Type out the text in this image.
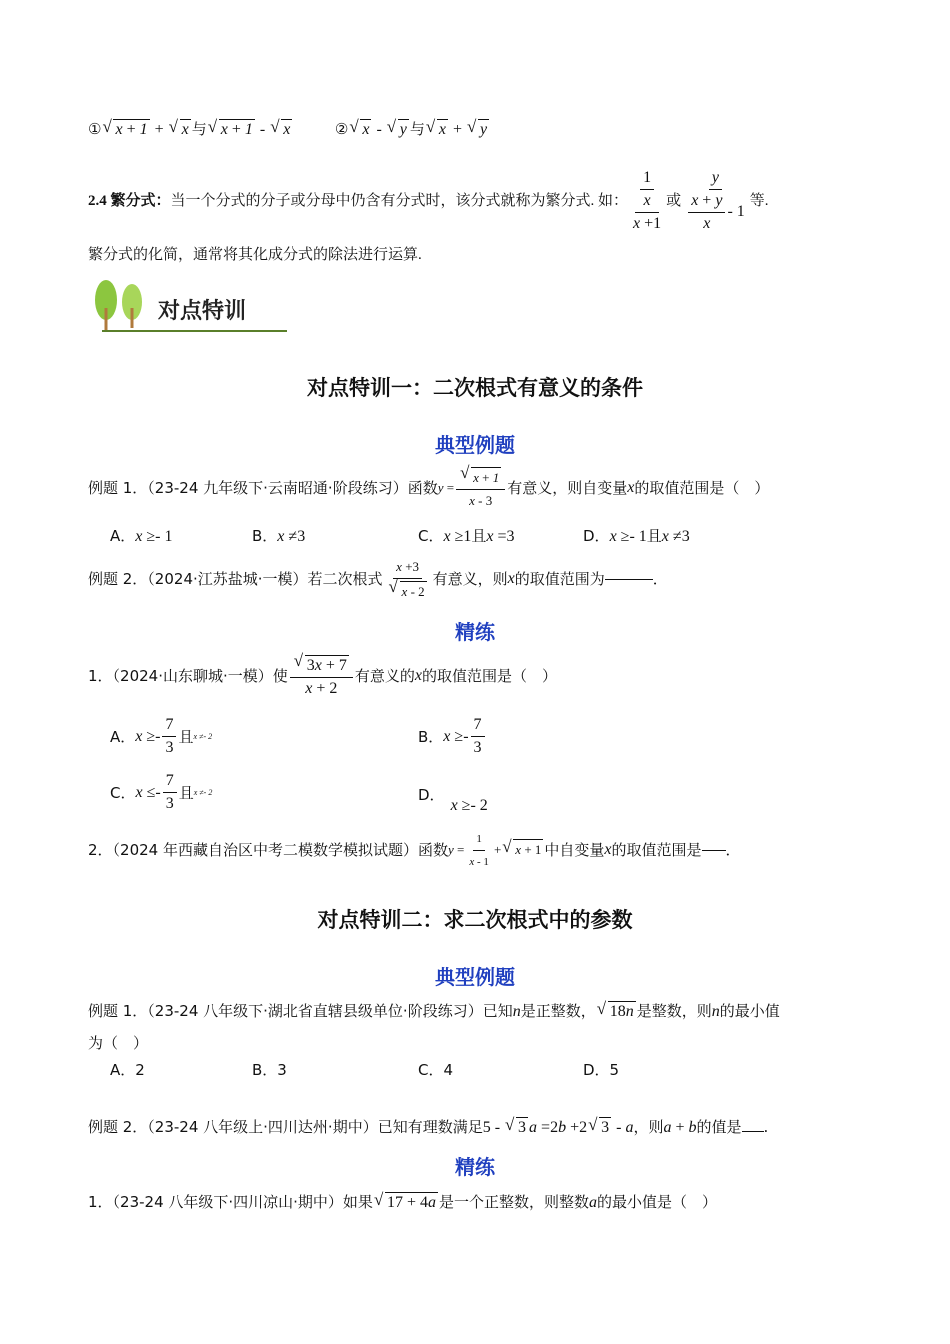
① √ x + 1 + √ x 与 √ x + 1 - √ x	② √ x - √ y 与 √ x + √ y
2.4 繁分式： 当一个分式的分子或分母中仍含有分式时，该分式就称为繁分式. 如： $\frac{\frac{1}{x}}{x +1}$ 或 $\frac{y}{\frac{x + y}{x} - 1}$ 等.
繁分式的化简，通常将其化成分式的除法进行运算.
对点特训
对点特训一：二次根式有意义的条件
典型例题
例题 1．（23-24 九年级下·云南昭通·阶段练习）函数 y = √ $\frac{x + 1}{x - 3}$ 有意义，则自变量 x 的取值范围是（　）
A．x ≥- 1	B．x ≠3	C．x ≥1且x =3	D．x ≥- 1且x ≠3
例题 2．（2024·江苏盐城·一模）若二次根式 x +3
√ x - 2 有意义，则 x 的取值范围为	．
精练
1．（2024·山东聊城·一模）使 √ $\frac{3x + 7}{x + 2}$ 有意义的 x 的取值范围是（　）
A． $x \ge- \frac{7}{3}$ 且 x ≠- 2	B． $x \ge- \frac{7}{3}$
C． $x \le- \frac{7}{3}$ 且 x ≠- 2	D．x ≥- 2
2．（2024 年西藏自治区中考二模数学模拟试题）函数 $y = \frac{1}{x - 1}$ +	√ x + 1 中自变量 x 的取值范围是 ．
对点特训二：求二次根式中的参数
典型例题
例题 1．（23-24 八年级下·湖北省直辖县级单位·阶段练习）已知n是正整数， √ 18n 是整数，则n的最小值
为（　）
A．2	B．3	C．4	D．5
例题 2．（23-24 八年级上·四川达州·期中）已知有理数满足5 - √ 3 a =2b +2 √ 3 - a，则a + b的值是 .
精练
1．（23-24 八年级下·四川凉山·期中）如果 √ 17 + 4a 是一个正整数，则整数a的最小值是（　）
